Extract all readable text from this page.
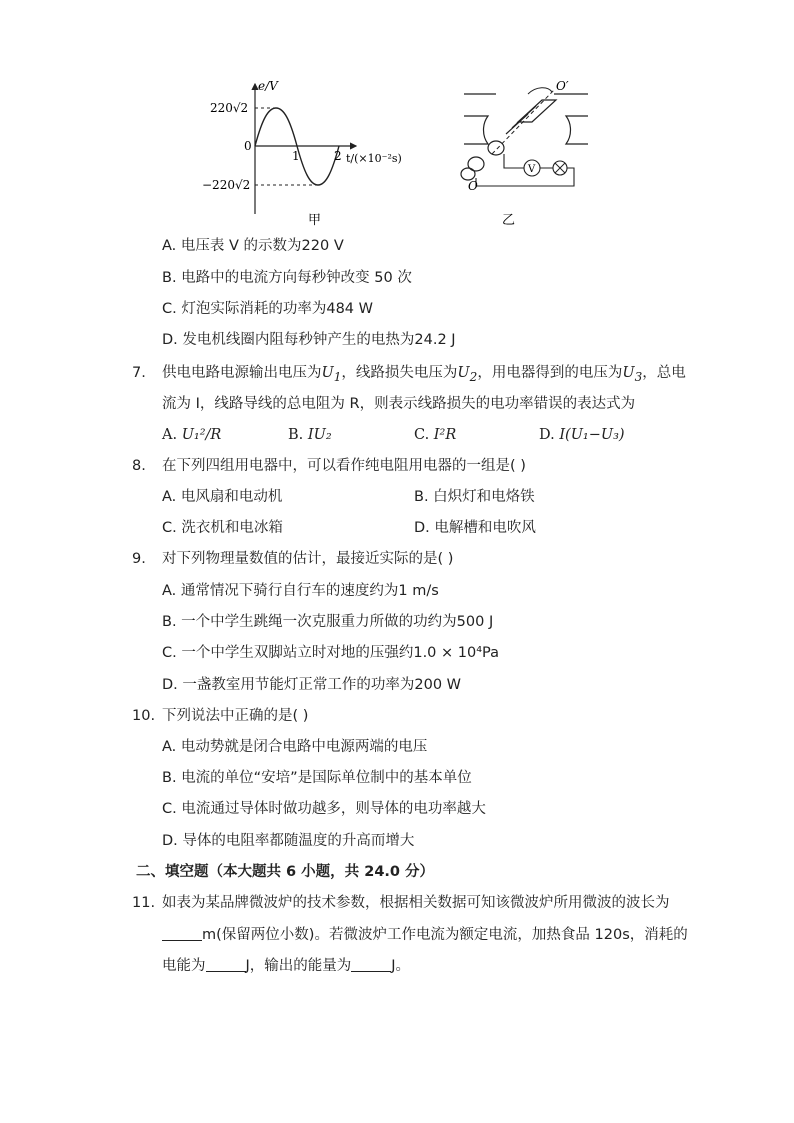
e/V
220√2
0
−220√2
1	2 t/(×10⁻²s)
甲
V
O′
O
乙
A. 电压表 V 的示数为220 V
B. 电路中的电流方向每秒钟改变 50 次
C. 灯泡实际消耗的功率为484 W
D. 发电机线圈内阻每秒钟产生的电热为24.2 J
7. 供电电路电源输出电压为$U_1$，线路损失电压为$U_2$，用电器得到的电压为$U_3$，总电
流为 I，线路导线的总电阻为 R，则表示线路损失的电功率错误的表达式为
A. U₁²/R	B. IU₂	C. I²R	D. I(U₁−U₃)
8. 在下列四组用电器中，可以看作纯电阻用电器的一组是( )
A. 电风扇和电动机	B. 白炽灯和电烙铁
C. 洗衣机和电冰箱	D. 电解槽和电吹风
9. 对下列物理量数值的估计，最接近实际的是( )
A. 通常情况下骑行自行车的速度约为1 m/s
B. 一个中学生跳绳一次克服重力所做的功约为500 J
C. 一个中学生双脚站立时对地的压强约1.0 × 10⁴Pa
D. 一盏教室用节能灯正常工作的功率为200 W
10. 下列说法中正确的是( )
A. 电动势就是闭合电路中电源两端的电压
B. 电流的单位“安培”是国际单位制中的基本单位
C. 电流通过导体时做功越多，则导体的电功率越大
D. 导体的电阻率都随温度的升高而增大
二、填空题（本大题共 6 小题，共 24.0 分）
11. 如表为某品牌微波炉的技术参数，根据相关数据可知该微波炉所用微波的波长为
m(保留两位小数)。若微波炉工作电流为额定电流，加热食品 120s，消耗的
电能为	J，输出的能量为	J。
